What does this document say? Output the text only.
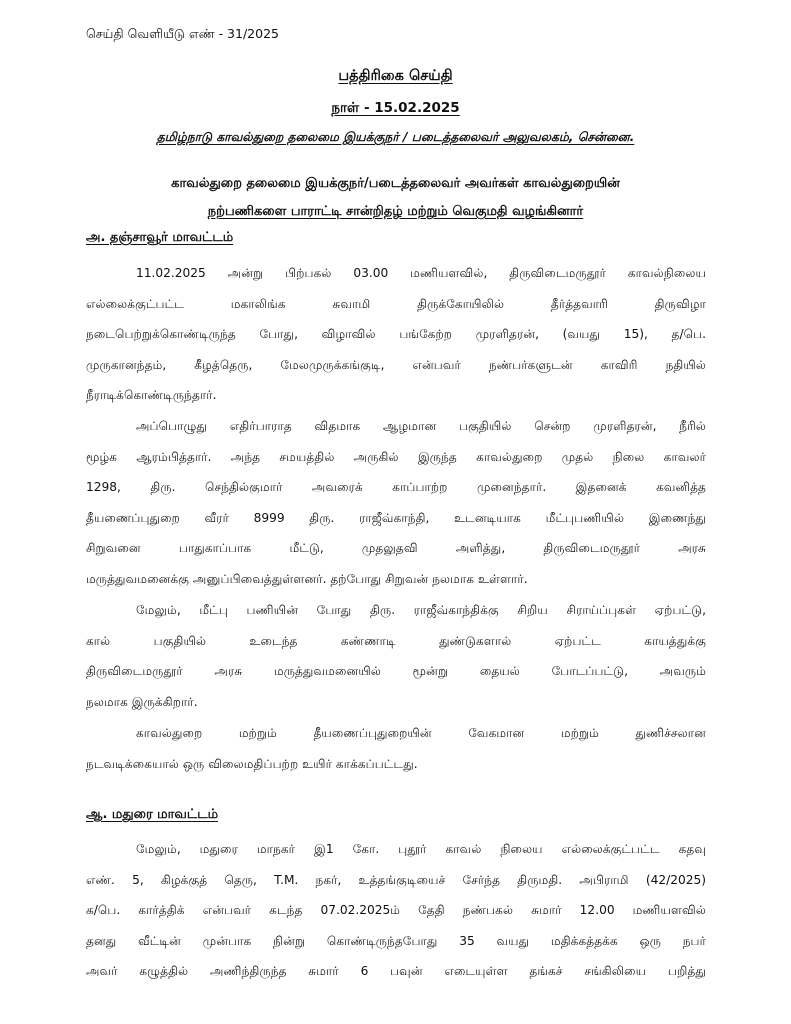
செய்தி வெளியீடு எண் - 31/2025
பத்திரிகை செய்தி
நாள் - 15.02.2025
தமிழ்நாடு காவல்துறை தலைமை இயக்குநர் / படைத்தலைவர் அலுவலகம், சென்னை.
காவல்துறை தலைமை இயக்குநர்/படைத்தலைவர் அவர்கள் காவல்துறையின்
நற்பணிகளை பாராட்டி சான்றிதழ் மற்றும் வெகுமதி வழங்கினார்
அ. தஞ்சாவூர் மாவட்டம்
11.02.2025 அன்று பிற்பகல் 03.00 மணியளவில், திருவிடைமருதூர் காவல்நிலைய
எல்லைக்குட்பட்ட மகாலிங்க சுவாமி திருக்கோயிலில் தீர்த்தவாரி திருவிழா
நடைபெற்றுக்கொண்டிருந்த போது, விழாவில் பங்கேற்ற முரளிதரன், (வயது 15), த/பெ.
முருகானந்தம், கீழத்தெரு, மேலமுருக்கங்குடி, என்பவர் நண்பர்களுடன் காவிரி நதியில்
நீராடிக்கொண்டிருந்தார்.
அப்பொழுது எதிர்பாராத விதமாக ஆழமான பகுதியில் சென்ற முரளிதரன், நீரில்
மூழ்க ஆரம்பித்தார். அந்த சமயத்தில் அருகில் இருந்த காவல்துறை முதல் நிலை காவலர்
1298, திரு. செந்தில்குமார் அவரைக் காப்பாற்ற முனைந்தார். இதனைக் கவனித்த
தீயணைப்புதுறை வீரர் 8999 திரு. ராஜீவ்காந்தி, உடனடியாக மீட்புபணியில் இணைந்து
சிறுவனை பாதுகாப்பாக மீட்டு, முதலுதவி அளித்து, திருவிடைமருதூர் அரசு
மருத்துவமனைக்கு அனுப்பிவைத்துள்ளனர். தற்போது சிறுவன் நலமாக உள்ளார்.
மேலும், மீட்பு பணியின் போது திரு. ராஜீவ்காந்திக்கு சிறிய சிராய்ப்புகள் ஏற்பட்டு,
கால் பகுதியில் உடைந்த கண்ணாடி துண்டுகளால் ஏற்பட்ட காயத்துக்கு
திருவிடைமருதூர் அரசு மருத்துவமனையில் மூன்று தையல் போடப்பட்டு, அவரும்
நலமாக இருக்கிறார்.
காவல்துறை மற்றும் தீயணைப்புதுறையின் வேகமான மற்றும் துணிச்சலான
நடவடிக்கையால் ஒரு விலைமதிப்பற்ற உயிர் காக்கப்பட்டது.
ஆ. மதுரை மாவட்டம்
மேலும், மதுரை மாநகர் இ1 கோ. புதூர் காவல் நிலைய எல்லைக்குட்பட்ட கதவு
எண். 5, கிழக்குத் தெரு, T.M. நகர், உத்தங்குடியைச் சேர்ந்த திருமதி. அபிராமி (42/2025)
க/பெ. கார்த்திக் என்பவர் கடந்த 07.02.2025ம் தேதி நண்பகல் சுமார் 12.00 மணியளவில்
தனது வீட்டின் முன்பாக நின்று கொண்டிருந்தபோது 35 வயது மதிக்கத்தக்க ஒரு நபர்
அவர் கழுத்தில் அணிந்திருந்த சுமார் 6 பவுன் எடையுள்ள தங்கச் சங்கிலியை பறித்து
